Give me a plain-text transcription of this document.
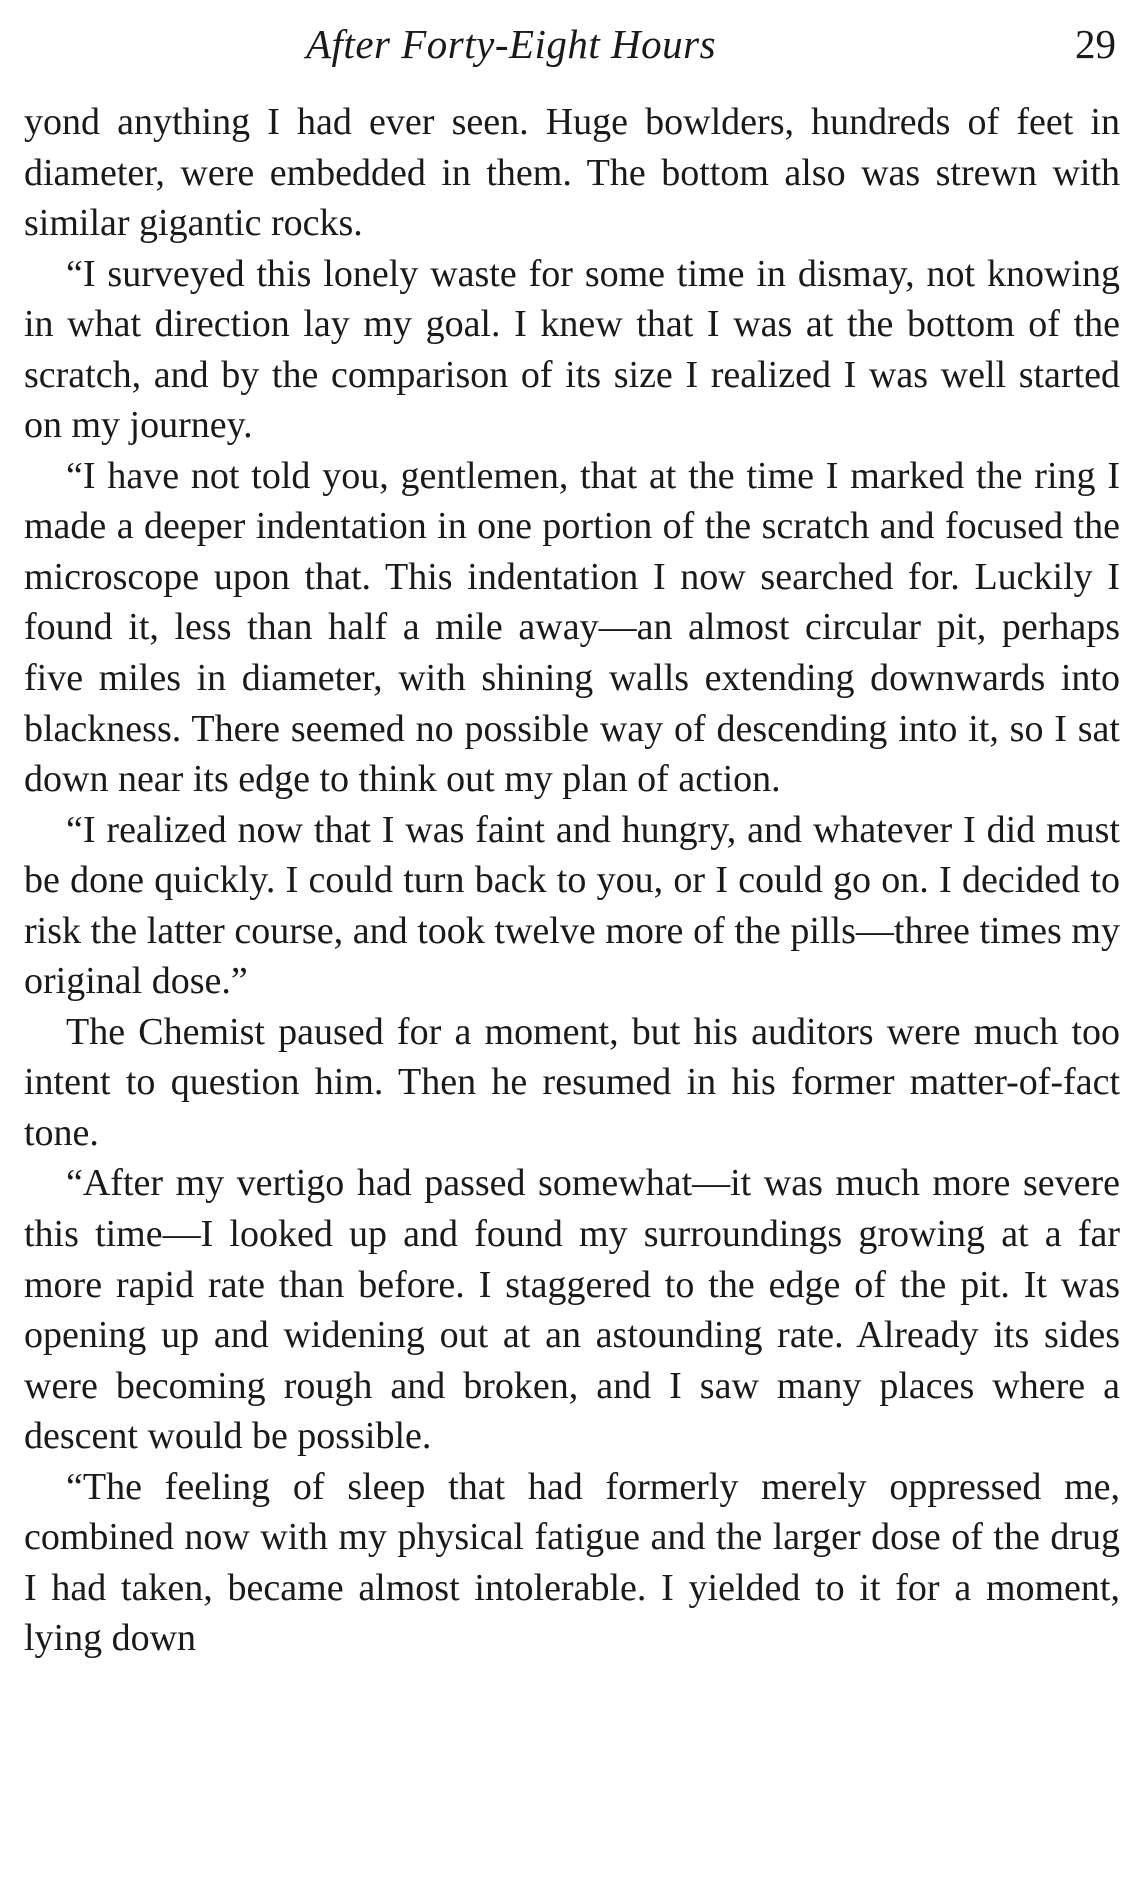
After Forty-Eight Hours	29

yond anything I had ever seen. Huge bowlders, hundreds of feet in diameter, were embedded in them. The bottom also was strewn with similar gigantic rocks.

“I surveyed this lonely waste for some time in dismay, not knowing in what direction lay my goal. I knew that I was at the bottom of the scratch, and by the comparison of its size I realized I was well started on my journey.

“I have not told you, gentlemen, that at the time I marked the ring I made a deeper indentation in one portion of the scratch and focused the microscope upon that. This indentation I now searched for. Luckily I found it, less than half a mile away—an almost circular pit, perhaps five miles in diameter, with shining walls extending downwards into blackness. There seemed no possible way of descending into it, so I sat down near its edge to think out my plan of action.

“I realized now that I was faint and hungry, and whatever I did must be done quickly. I could turn back to you, or I could go on. I decided to risk the latter course, and took twelve more of the pills—three times my original dose.”

The Chemist paused for a moment, but his auditors were much too intent to question him. Then he resumed in his former matter-of-fact tone.

“After my vertigo had passed somewhat—it was much more severe this time—I looked up and found my surroundings growing at a far more rapid rate than before. I staggered to the edge of the pit. It was opening up and widening out at an astounding rate. Already its sides were becoming rough and broken, and I saw many places where a descent would be possible.

“The feeling of sleep that had formerly merely oppressed me, combined now with my physical fatigue and the larger dose of the drug I had taken, became almost intolerable. I yielded to it for a moment, lying down
